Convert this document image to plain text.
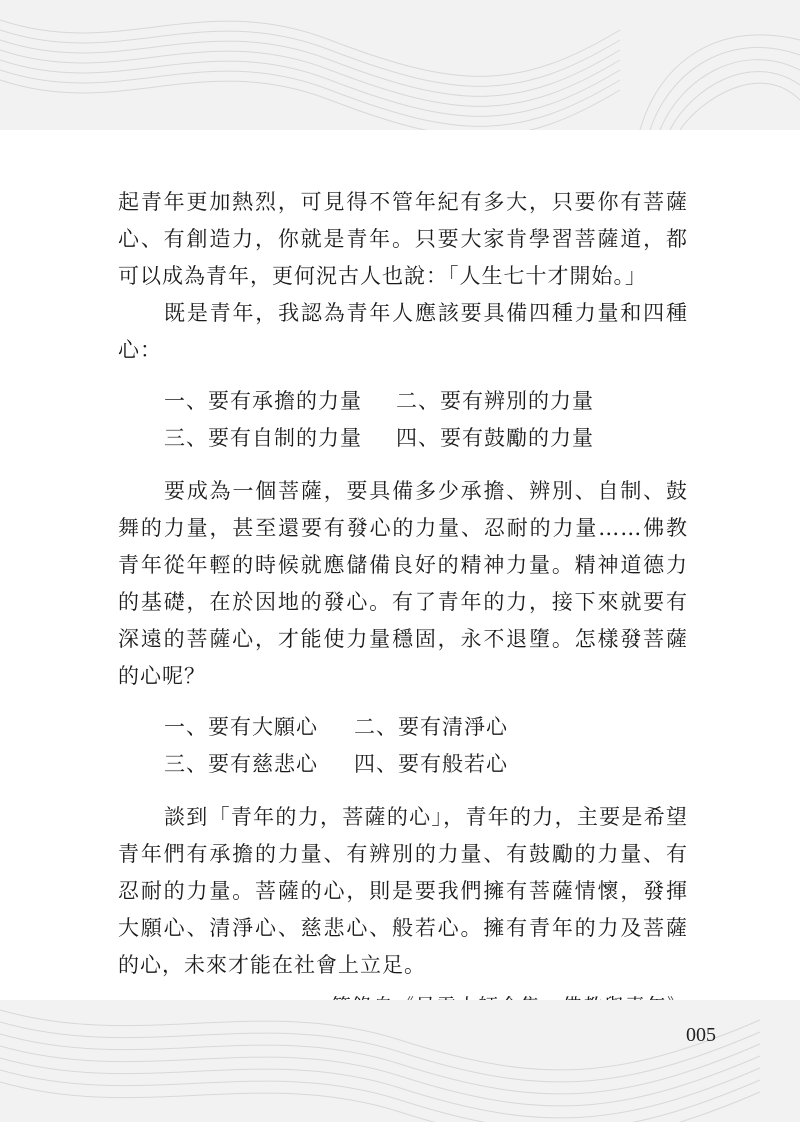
起青年更加熱烈，可見得不管年紀有多大，只要你有菩薩心、有創造力，你就是青年。只要大家肯學習菩薩道，都可以成為青年，更何況古人也說：「人生七十才開始。」

既是青年，我認為青年人應該要具備四種力量和四種心：

一、要有承擔的力量	二、要有辨別的力量
三、要有自制的力量	四、要有鼓勵的力量

要成為一個菩薩，要具備多少承擔、辨別、自制、鼓舞的力量，甚至還要有發心的力量、忍耐的力量……佛教青年從年輕的時候就應儲備良好的精神力量。精神道德力的基礎，在於因地的發心。有了青年的力，接下來就要有深遠的菩薩心，才能使力量穩固，永不退墮。怎樣發菩薩的心呢？

一、要有大願心	二、要有清淨心
三、要有慈悲心	四、要有般若心

談到「青年的力，菩薩的心」，青年的力，主要是希望青年們有承擔的力量、有辨別的力量、有鼓勵的力量、有忍耐的力量。菩薩的心，則是要我們擁有菩薩情懷，發揮大願心、清淨心、慈悲心、般若心。擁有青年的力及菩薩的心，未來才能在社會上立足。

005
